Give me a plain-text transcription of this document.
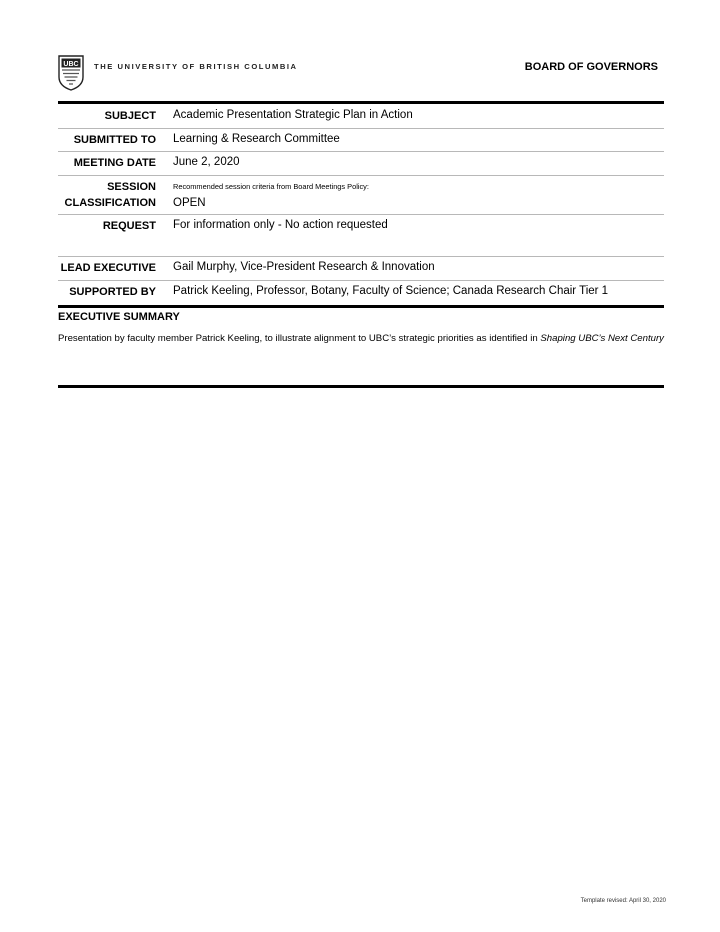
UBC THE UNIVERSITY OF BRITISH COLUMBIA	BOARD OF GOVERNORS
SUBJECT Academic Presentation Strategic Plan in Action
SUBMITTED TO Learning & Research Committee
MEETING DATE June 2, 2020
SESSION
CLASSIFICATION
Recommended session criteria from Board Meetings Policy:
OPEN
REQUEST For information only - No action requested
LEAD EXECUTIVE Gail Murphy, Vice-President Research & Innovation
SUPPORTED BY Patrick Keeling, Professor, Botany, Faculty of Science; Canada Research Chair Tier 1
EXECUTIVE SUMMARY
Presentation by faculty member Patrick Keeling, to illustrate alignment to UBC’s strategic priorities as identified in Shaping UBC’s Next Century
Template revised: April 30, 2020
